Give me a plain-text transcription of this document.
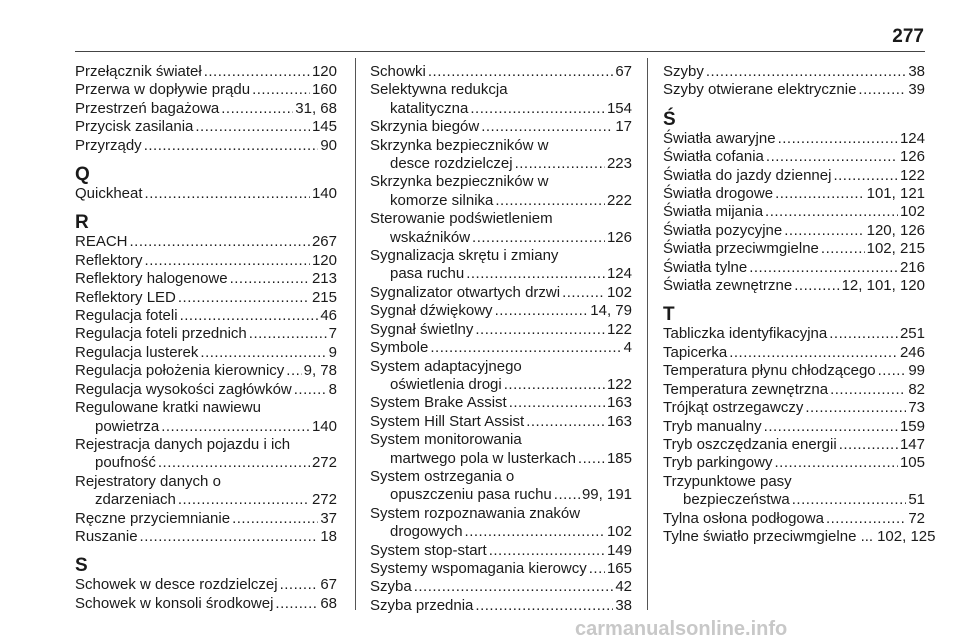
277
Przełącznik świateł .....	120
Przerwa w dopływie prądu .....	160
Przestrzeń bagażowa .....	31, 68
Przycisk zasilania .....	145
Przyrządy .....	90
Q
Quickheat .....	140
R
REACH .....	267
Reflektory .....	120
Reflektory halogenowe .....	213
Reflektory LED .....	215
Regulacja foteli .....	46
Regulacja foteli przednich .....	7
Regulacja lusterek .....	9
Regulacja położenia kierownicy ..... 9, 78
Regulacja wysokości zagłówków ..... 8
Regulowane kratki nawiewu
powietrza .....	140
Rejestracja danych pojazdu i ich
poufność .....	272
Rejestratory danych o
zdarzeniach .....	272
Ręczne przyciemnianie .....	37
Ruszanie .....	18
S
Schowek w desce rozdzielczej .....	67
Schowek w konsoli środkowej .....	68
Schowki .....	67
Selektywna redukcja
katalityczna .....	154
Skrzynia biegów .....	17
Skrzynka bezpieczników w
desce rozdzielczej .....	223
Skrzynka bezpieczników w
komorze silnika .....	222
Sterowanie podświetleniem
wskaźników .....	126
Sygnalizacja skrętu i zmiany
pasa ruchu .....	124
Sygnalizator otwartych drzwi .....	102
Sygnał dźwiękowy .....	14, 79
Sygnał świetlny .....	122
Symbole .....	4
System adaptacyjnego
oświetlenia drogi .....	122
System Brake Assist .....	163
System Hill Start Assist .....	163
System monitorowania
martwego pola w lusterkach ..... 185
System ostrzegania o
opuszczeniu pasa ruchu ..... 99, 191
System rozpoznawania znaków
drogowych .....	102
System stop-start .....	149
Systemy wspomagania kierowcy ..... 165
Szyba .....	42
Szyba przednia .....	38
Szyby .....	38
Szyby otwierane elektrycznie .....	39
Ś
Światła awaryjne .....	124
Światła cofania .....	126
Światła do jazdy dziennej .....	122
Światła drogowe .....	101, 121
Światła mijania .....	102
Światła pozycyjne .....	120, 126
Światła przeciwmgielne .....	102, 215
Światła tylne .....	216
Światła zewnętrzne .....	12, 101, 120
T
Tabliczka identyfikacyjna .....	251
Tapicerka .....	246
Temperatura płynu chłodzącego ..... 99
Temperatura zewnętrzna .....	82
Trójkąt ostrzegawczy .....	73
Tryb manualny .....	159
Tryb oszczędzania energii .....	147
Tryb parkingowy .....	105
Trzypunktowe pasy
bezpieczeństwa .....	51
Tylna osłona podłogowa .....	72
Tylne światło przeciwmgielne ... 102, 125
carmanualsonline.info
